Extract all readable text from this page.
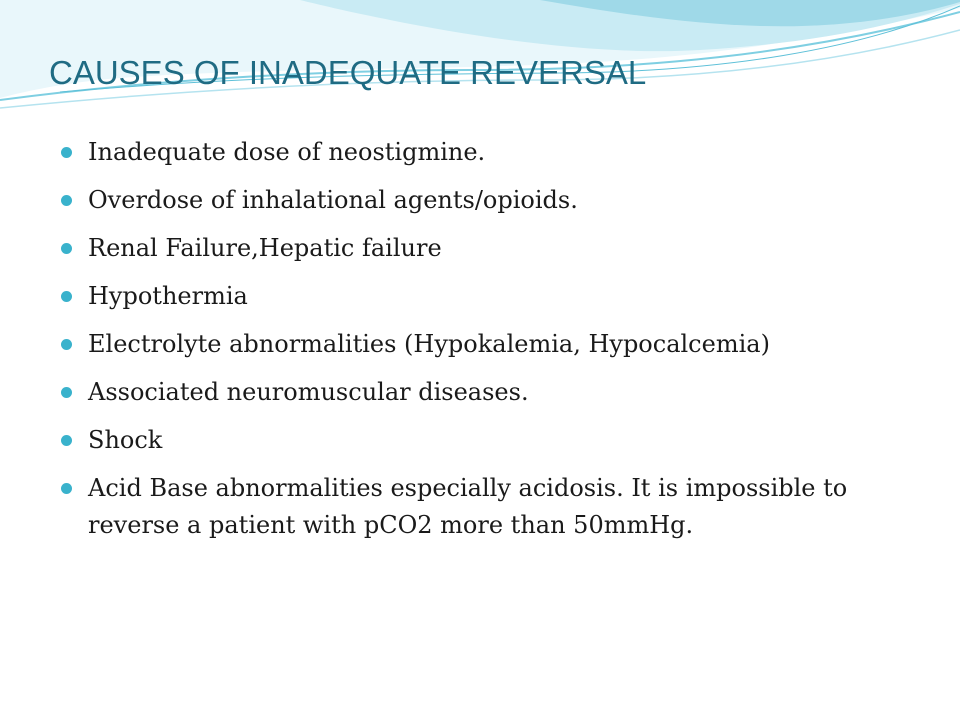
CAUSES OF INADEQUATE REVERSAL
Inadequate dose of neostigmine.
Overdose of inhalational agents/opioids.
Renal Failure,Hepatic failure
Hypothermia
Electrolyte abnormalities (Hypokalemia, Hypocalcemia)
Associated neuromuscular diseases.
Shock
Acid Base abnormalities especially acidosis. It is impossible to reverse a patient with pCO2 more than 50mmHg.
